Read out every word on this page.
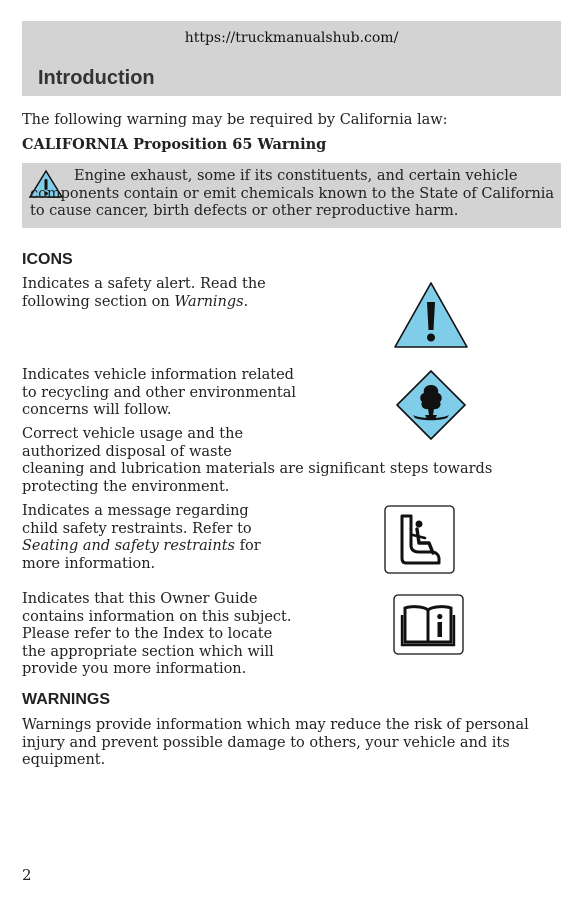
https://truckmanualshub.com/
Introduction

The following warning may be required by California law:

CALIFORNIA Proposition 65 Warning

Engine exhaust, some if its constituents, and certain vehicle components contain or emit chemicals known to the State of California to cause cancer, birth defects or other reproductive harm.

ICONS

Indicates a safety alert. Read the following section on Warnings.

Indicates vehicle information related to recycling and other environmental concerns will follow.

Correct vehicle usage and the

authorized disposal of waste

cleaning and lubrication materials are significant steps towards

protecting the environment.

Indicates a message regarding child safety restraints. Refer to Seating and safety restraints for more information.

Indicates that this Owner Guide contains information on this subject. Please refer to the Index to locate the appropriate section which will provide you more information.

WARNINGS

Warnings provide information which may reduce the risk of personal injury and prevent possible damage to others, your vehicle and its equipment.

2
